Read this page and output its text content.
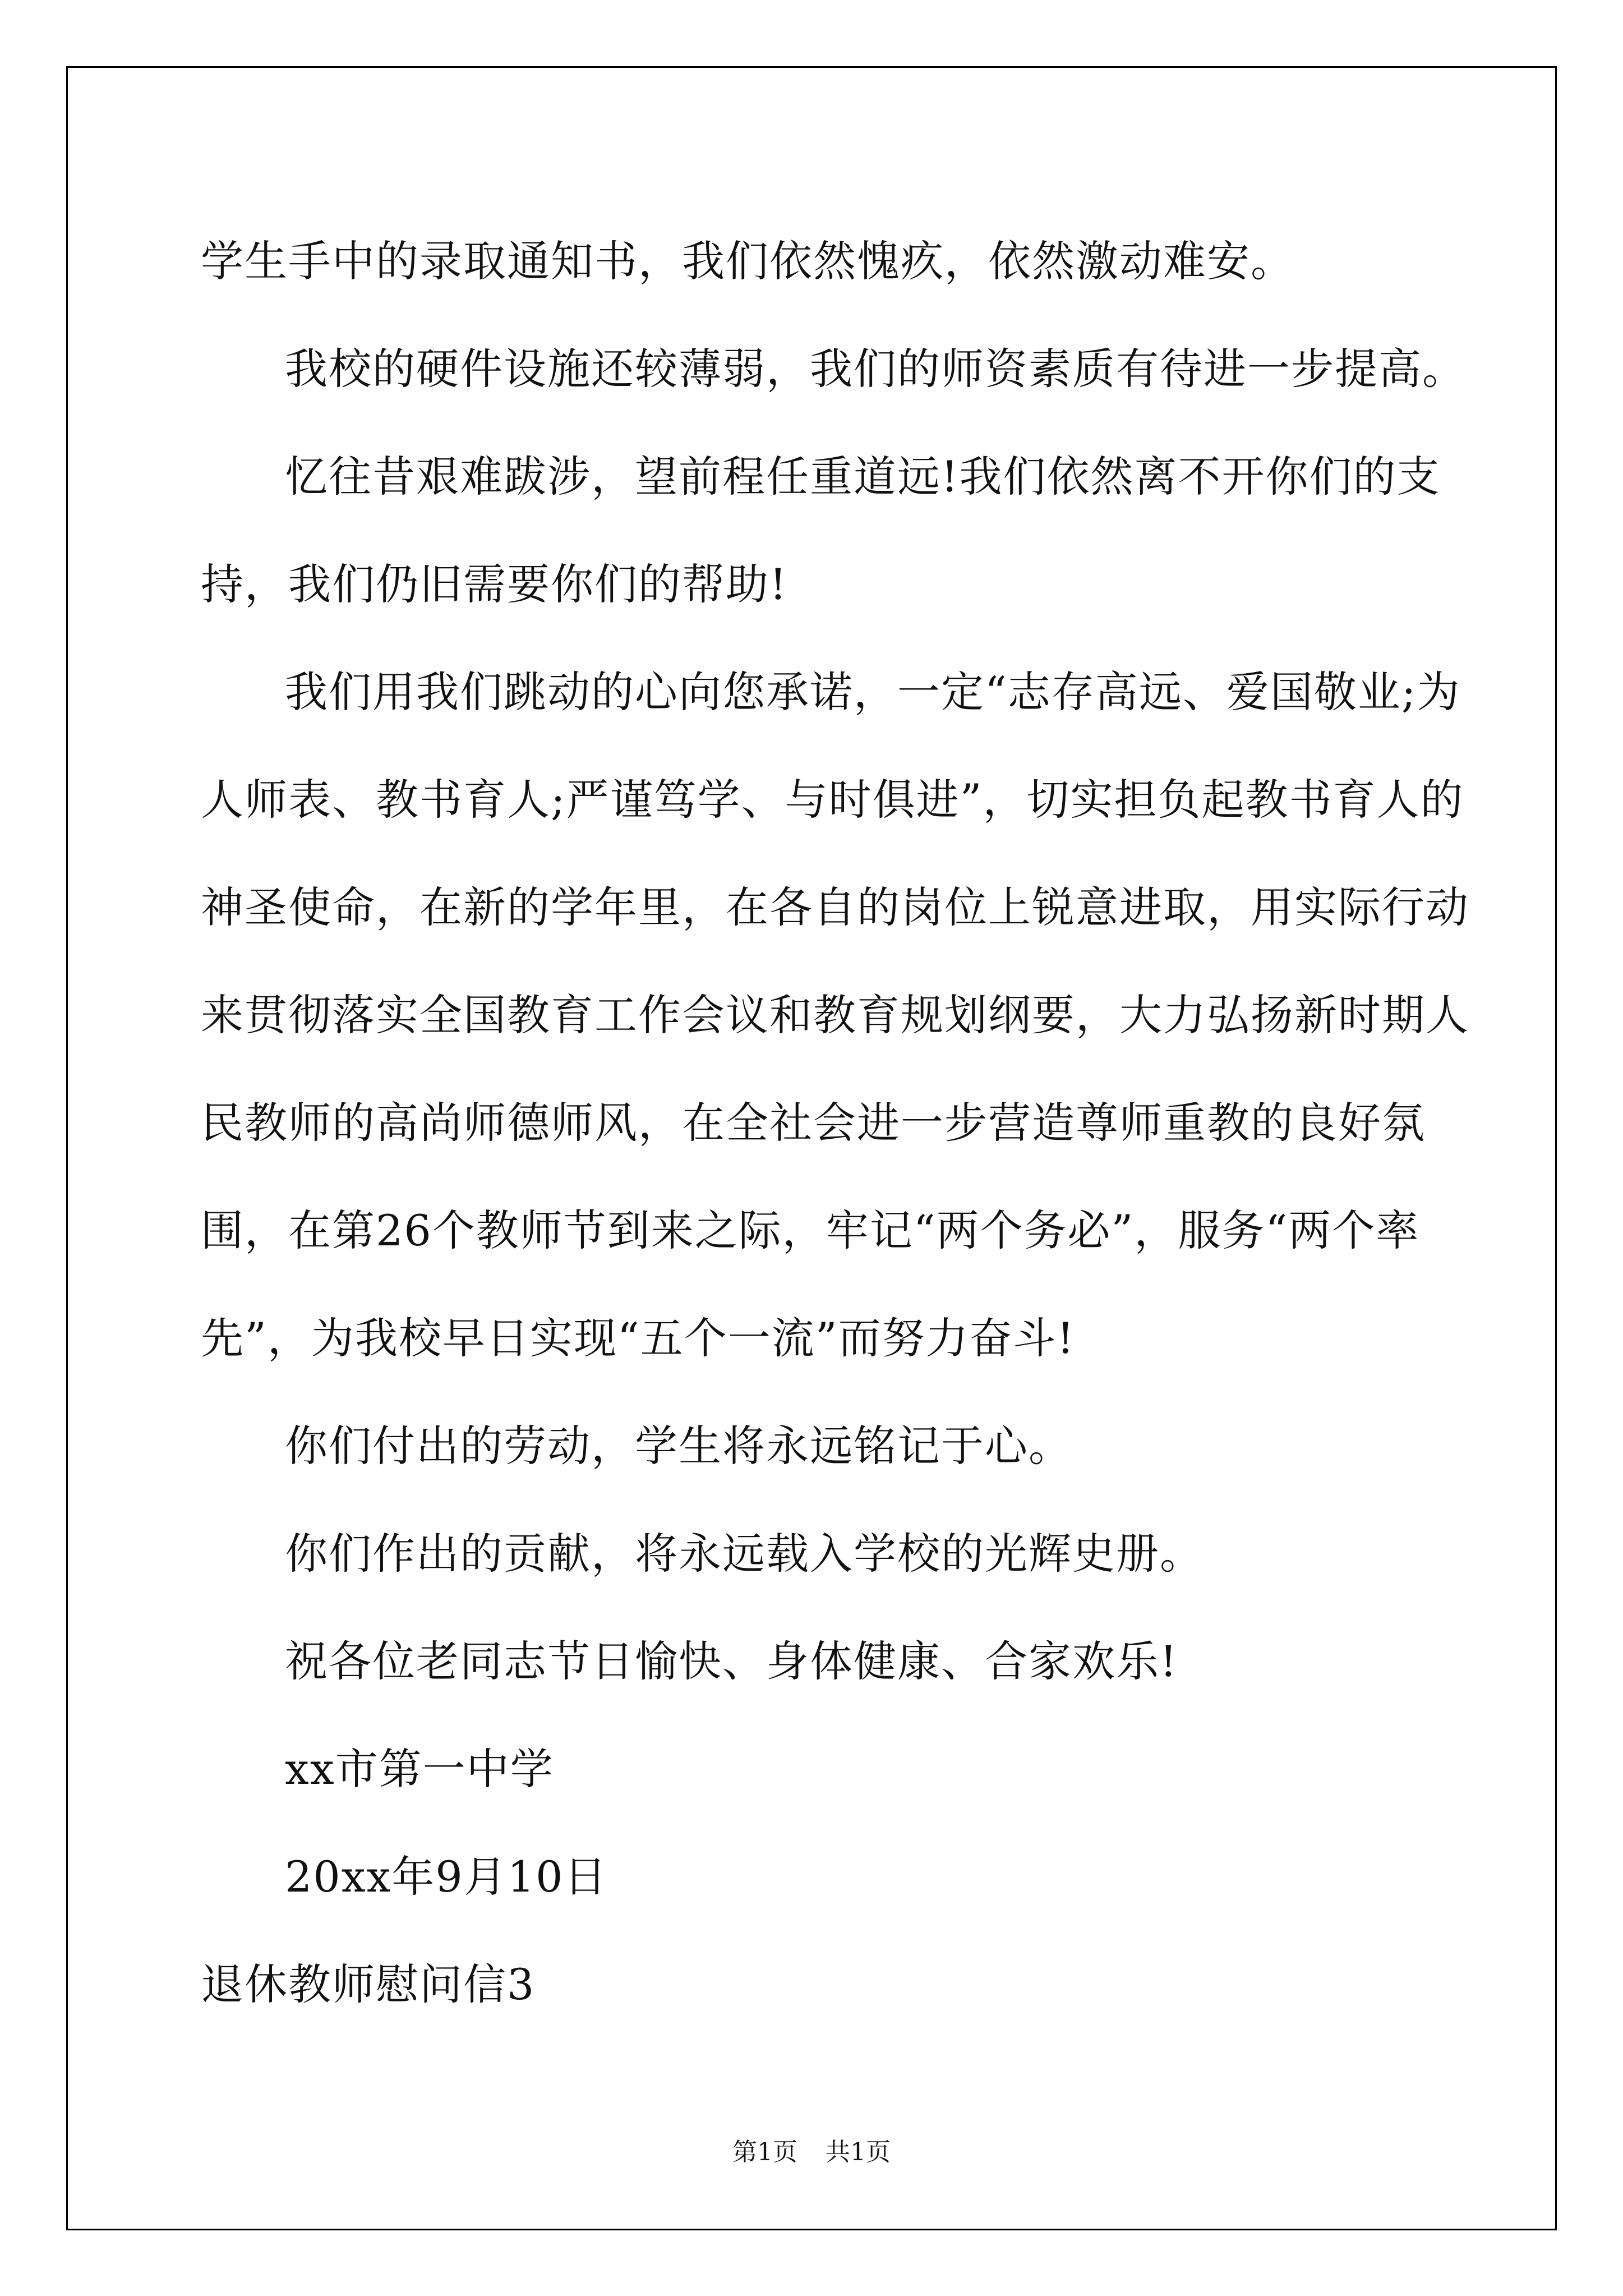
学生手中的录取通知书，我们依然愧疚，依然激动难安。

我校的硬件设施还较薄弱，我们的师资素质有待进一步提高。

忆往昔艰难跋涉，望前程任重道远!我们依然离不开你们的支持，我们仍旧需要你们的帮助!

我们用我们跳动的心向您承诺，一定“志存高远、爱国敬业;为人师表、教书育人;严谨笃学、与时俱进”，切实担负起教书育人的神圣使命，在新的学年里，在各自的岗位上锐意进取，用实际行动来贯彻落实全国教育工作会议和教育规划纲要，大力弘扬新时期人民教师的高尚师德师风，在全社会进一步营造尊师重教的良好氛围，在第26个教师节到来之际，牢记“两个务必”，服务“两个率先”，为我校早日实现“五个一流”而努力奋斗!

你们付出的劳动，学生将永远铭记于心。

你们作出的贡献，将永远载入学校的光辉史册。

祝各位老同志节日愉快、身体健康、合家欢乐!

xx市第一中学

20xx年9月10日

退休教师慰问信3

第1页 共1页
